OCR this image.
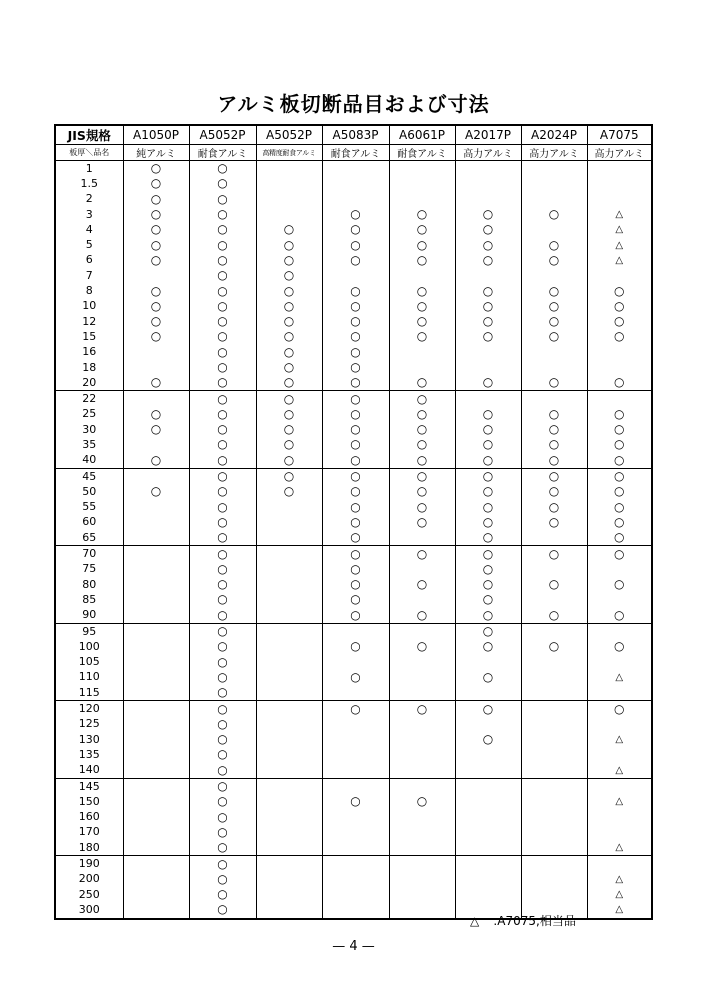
アルミ板切断品目および寸法
JIS規格	A1050P	A5052P	A5052P	A5083P	A6061P	A2017P	A2024P	A7075
板厚＼品名	純アルミ	耐食アルミ	高精度耐食アルミ	耐食アルミ	耐食アルミ	高力アルミ	高力アルミ	高力アルミ
1	○	○						
1.5	○	○						
2	○	○						
3	○	○		○	○	○	○	△
4	○	○	○	○	○	○		△
5	○	○	○	○	○	○	○	△
6	○	○	○	○	○	○	○	△
7		○	○					
8	○	○	○	○	○	○	○	○
10	○	○	○	○	○	○	○	○
12	○	○	○	○	○	○	○	○
15	○	○	○	○	○	○	○	○
16		○	○	○				
18		○	○	○				
20	○	○	○	○	○	○	○	○
22		○	○	○	○			
25	○	○	○	○	○	○	○	○
30	○	○	○	○	○	○	○	○
35		○	○	○	○	○	○	○
40	○	○	○	○	○	○	○	○
45		○	○	○	○	○	○	○
50	○	○	○	○	○	○	○	○
55		○		○	○	○	○	○
60		○		○	○	○	○	○
65		○		○		○		○
70		○		○	○	○	○	○
75		○		○		○		
80		○		○	○	○	○	○
85		○		○		○		
90		○		○	○	○	○	○
95		○				○		
100		○		○	○	○	○	○
105		○						
110		○		○		○		△
115		○						
120		○		○	○	○		○
125		○						
130		○				○		△
135		○						
140		○						△
145		○						
150		○		○	○			△
160		○						
170		○						
180		○						△
190		○						
200		○						△
250		○						△
300		○						△
△ :A7075,相当品
— 4 —
